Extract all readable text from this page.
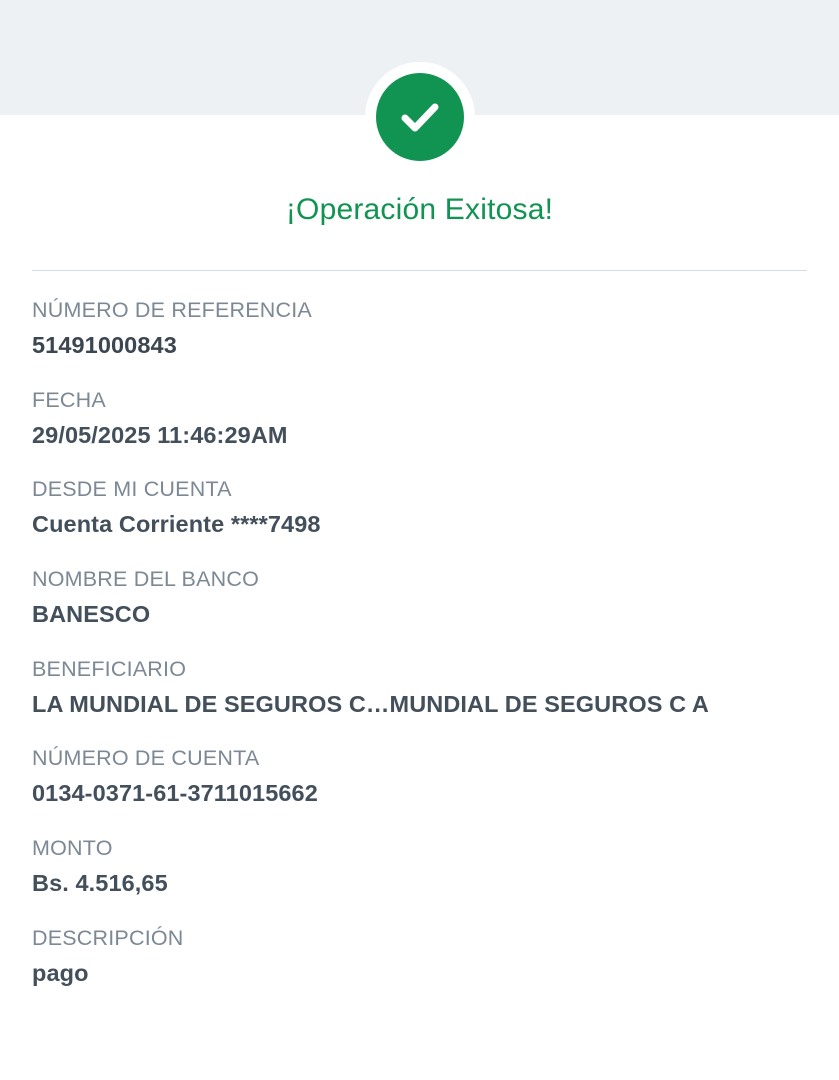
¡Operación Exitosa!
NÚMERO DE REFERENCIA
51491000843
FECHA
29/05/2025 11:46:29AM
DESDE MI CUENTA
Cuenta Corriente ****7498
NOMBRE DEL BANCO
BANESCO
BENEFICIARIO
LA MUNDIAL DE SEGUROS C…MUNDIAL DE SEGUROS C A
NÚMERO DE CUENTA
0134-0371-61-3711015662
MONTO
Bs. 4.516,65
DESCRIPCIÓN
pago
